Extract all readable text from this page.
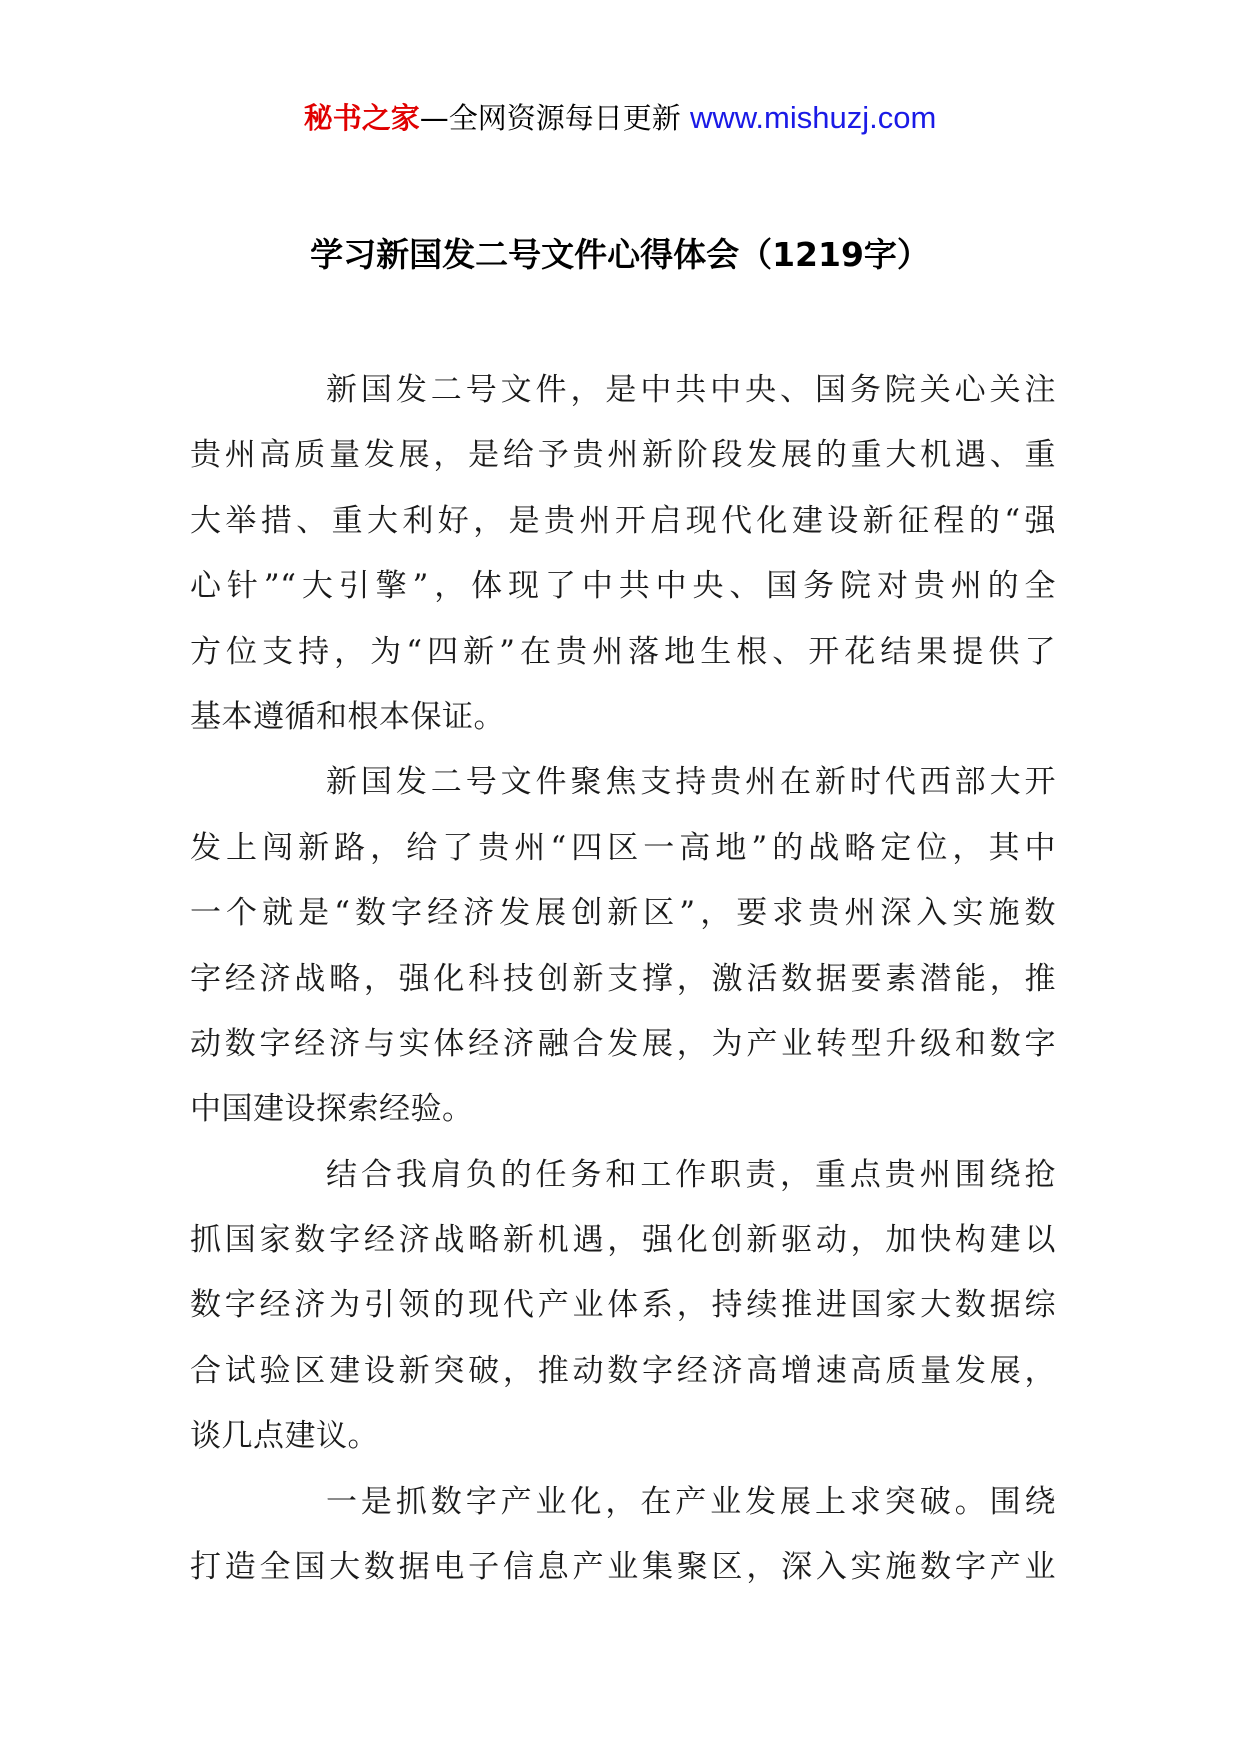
秘书之家—全网资源每日更新 www.mishuzj.com
学习新国发二号文件心得体会（1219字）

新国发二号文件，是中共中央、国务院关心关注
贵州高质量发展，是给予贵州新阶段发展的重大机遇、重
大举措、重大利好，是贵州开启现代化建设新征程的“强
心针”“大引擎”，体现了中共中央、国务院对贵州的全
方位支持，为“四新”在贵州落地生根、开花结果提供了
基本遵循和根本保证。

新国发二号文件聚焦支持贵州在新时代西部大开
发上闯新路，给了贵州“四区一高地”的战略定位，其中
一个就是“数字经济发展创新区”，要求贵州深入实施数
字经济战略，强化科技创新支撑，激活数据要素潜能，推
动数字经济与实体经济融合发展，为产业转型升级和数字
中国建设探索经验。

结合我肩负的任务和工作职责，重点贵州围绕抢
抓国家数字经济战略新机遇，强化创新驱动，加快构建以
数字经济为引领的现代产业体系，持续推进国家大数据综
合试验区建设新突破，推动数字经济高增速高质量发展，
谈几点建议。

一是抓数字产业化，在产业发展上求突破。围绕
打造全国大数据电子信息产业集聚区，深入实施数字产业
